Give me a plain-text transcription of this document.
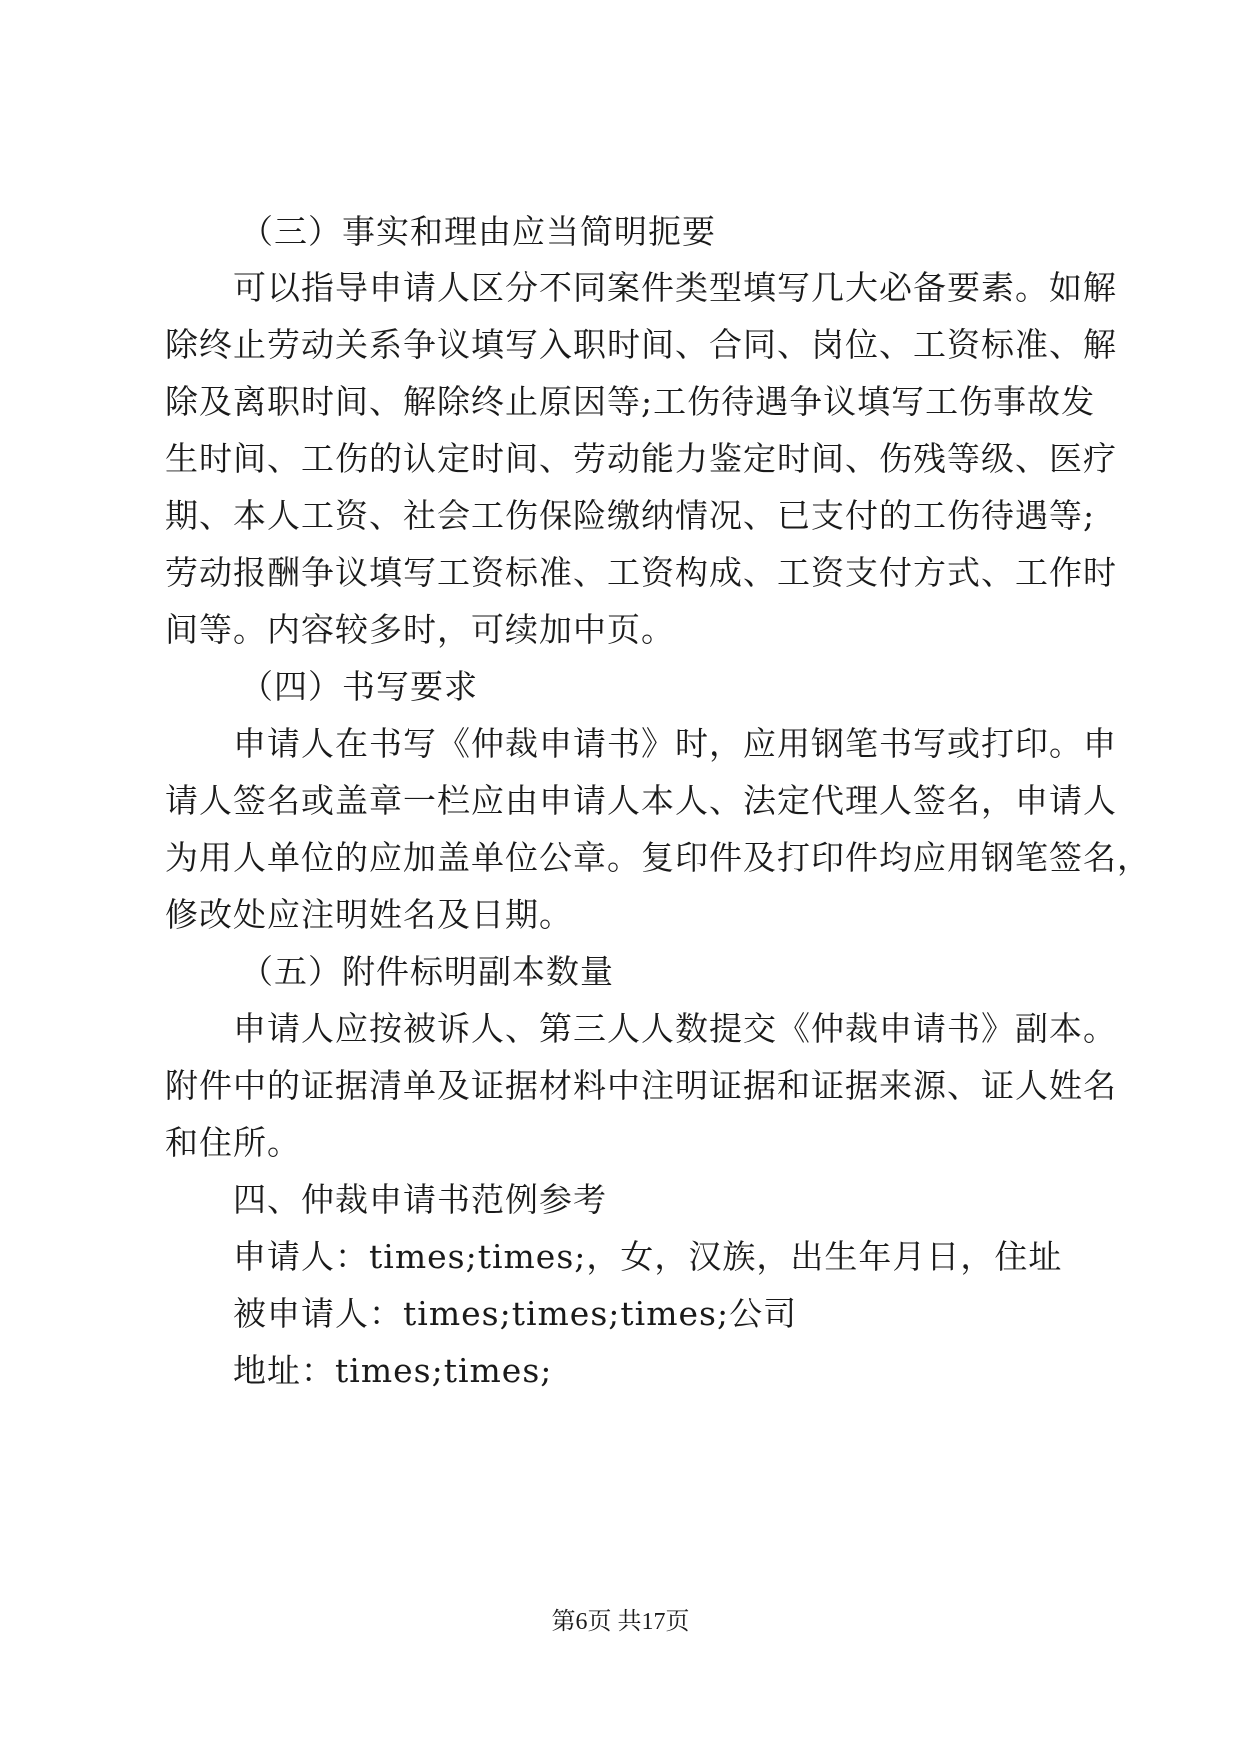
（三）事实和理由应当简明扼要
可以指导申请人区分不同案件类型填写几大必备要素。如解
除终止劳动关系争议填写入职时间、合同、岗位、工资标准、解
除及离职时间、解除终止原因等;工伤待遇争议填写工伤事故发
生时间、工伤的认定时间、劳动能力鉴定时间、伤残等级、医疗
期、本人工资、社会工伤保险缴纳情况、已支付的工伤待遇等;
劳动报酬争议填写工资标准、工资构成、工资支付方式、工作时
间等。内容较多时，可续加中页。
（四）书写要求
申请人在书写《仲裁申请书》时，应用钢笔书写或打印。申
请人签名或盖章一栏应由申请人本人、法定代理人签名，申请人
为用人单位的应加盖单位公章。复印件及打印件均应用钢笔签名，
修改处应注明姓名及日期。
（五）附件标明副本数量
申请人应按被诉人、第三人人数提交《仲裁申请书》副本。
附件中的证据清单及证据材料中注明证据和证据来源、证人姓名
和住所。
四、仲裁申请书范例参考
申请人：times;times;，女，汉族，出生年月日，住址
被申请人：times;times;times;公司
地址：times;times;
第6页 共17页
